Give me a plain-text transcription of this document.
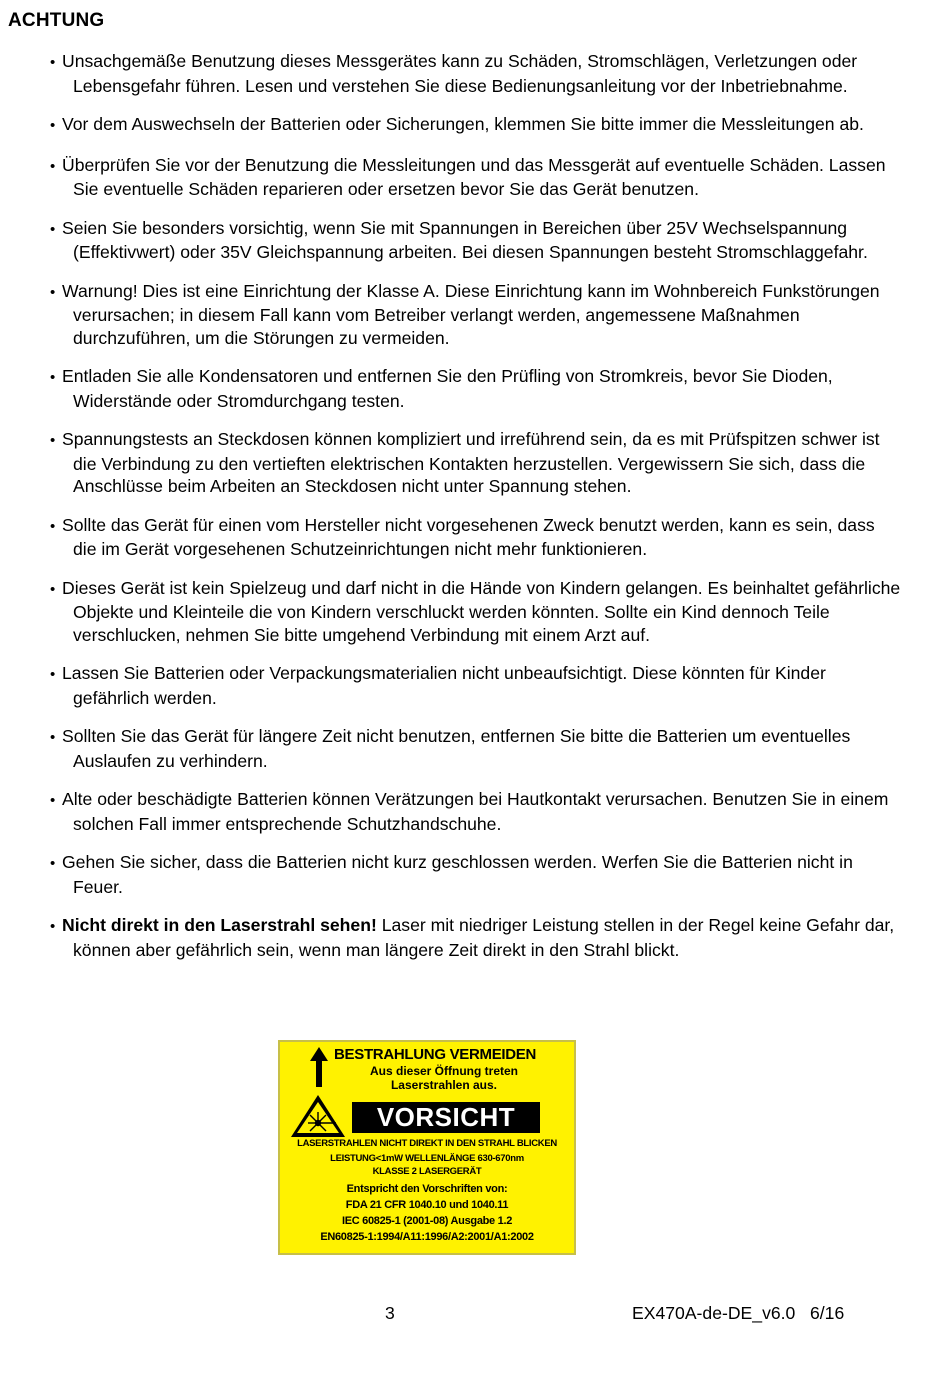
ACHTUNG
• Unsachgemäße Benutzung dieses Messgerätes kann zu Schäden, Stromschlägen, Verletzungen oder Lebensgefahr führen. Lesen und verstehen Sie diese Bedienungsanleitung vor der Inbetriebnahme.
• Vor dem Auswechseln der Batterien oder Sicherungen, klemmen Sie bitte immer die Messleitungen ab.
• Überprüfen Sie vor der Benutzung die Messleitungen und das Messgerät auf eventuelle Schäden. Lassen Sie eventuelle Schäden reparieren oder ersetzen bevor Sie das Gerät benutzen.
• Seien Sie besonders vorsichtig, wenn Sie mit Spannungen in Bereichen über 25V Wechselspannung (Effektivwert) oder 35V Gleichspannung arbeiten. Bei diesen Spannungen besteht Stromschlaggefahr.
• Warnung! Dies ist eine Einrichtung der Klasse A. Diese Einrichtung kann im Wohnbereich Funkstörungen verursachen; in diesem Fall kann vom Betreiber verlangt werden, angemessene Maßnahmen durchzuführen, um die Störungen zu vermeiden.
• Entladen Sie alle Kondensatoren und entfernen Sie den Prüfling von Stromkreis, bevor Sie Dioden, Widerstände oder Stromdurchgang testen.
• Spannungstests an Steckdosen können kompliziert und irreführend sein, da es mit Prüfspitzen schwer ist die Verbindung zu den vertieften elektrischen Kontakten herzustellen. Vergewissern Sie sich, dass die Anschlüsse beim Arbeiten an Steckdosen nicht unter Spannung stehen.
• Sollte das Gerät für einen vom Hersteller nicht vorgesehenen Zweck benutzt werden, kann es sein, dass die im Gerät vorgesehenen Schutzeinrichtungen nicht mehr funktionieren.
• Dieses Gerät ist kein Spielzeug und darf nicht in die Hände von Kindern gelangen. Es beinhaltet gefährliche Objekte und Kleinteile die von Kindern verschluckt werden könnten. Sollte ein Kind dennoch Teile verschlucken, nehmen Sie bitte umgehend Verbindung mit einem Arzt auf.
• Lassen Sie Batterien oder Verpackungsmaterialien nicht unbeaufsichtigt. Diese könnten für Kinder gefährlich werden.
• Sollten Sie das Gerät für längere Zeit nicht benutzen, entfernen Sie bitte die Batterien um eventuelles Auslaufen zu verhindern.
• Alte oder beschädigte Batterien können Verätzungen bei Hautkontakt verursachen. Benutzen Sie in einem solchen Fall immer entsprechende Schutzhandschuhe.
• Gehen Sie sicher, dass die Batterien nicht kurz geschlossen werden. Werfen Sie die Batterien nicht in Feuer.
• Nicht direkt in den Laserstrahl sehen! Laser mit niedriger Leistung stellen in der Regel keine Gefahr dar, können aber gefährlich sein, wenn man längere Zeit direkt in den Strahl blickt.
BESTRAHLUNG VERMEIDEN
Aus dieser Öffnung treten
Laserstrahlen aus.
VORSICHT
LASERSTRAHLEN NICHT DIREKT IN DEN STRAHL BLICKEN
LEISTUNG<1mW WELLENLÄNGE 630-670nm
KLASSE 2 LASERGERÄT
Entspricht den Vorschriften von:
FDA 21 CFR 1040.10 und 1040.11
IEC 60825-1 (2001-08) Ausgabe 1.2
EN60825-1:1994/A11:1996/A2:2001/A1:2002
3	EX470A-de-DE_v6.0   6/16
